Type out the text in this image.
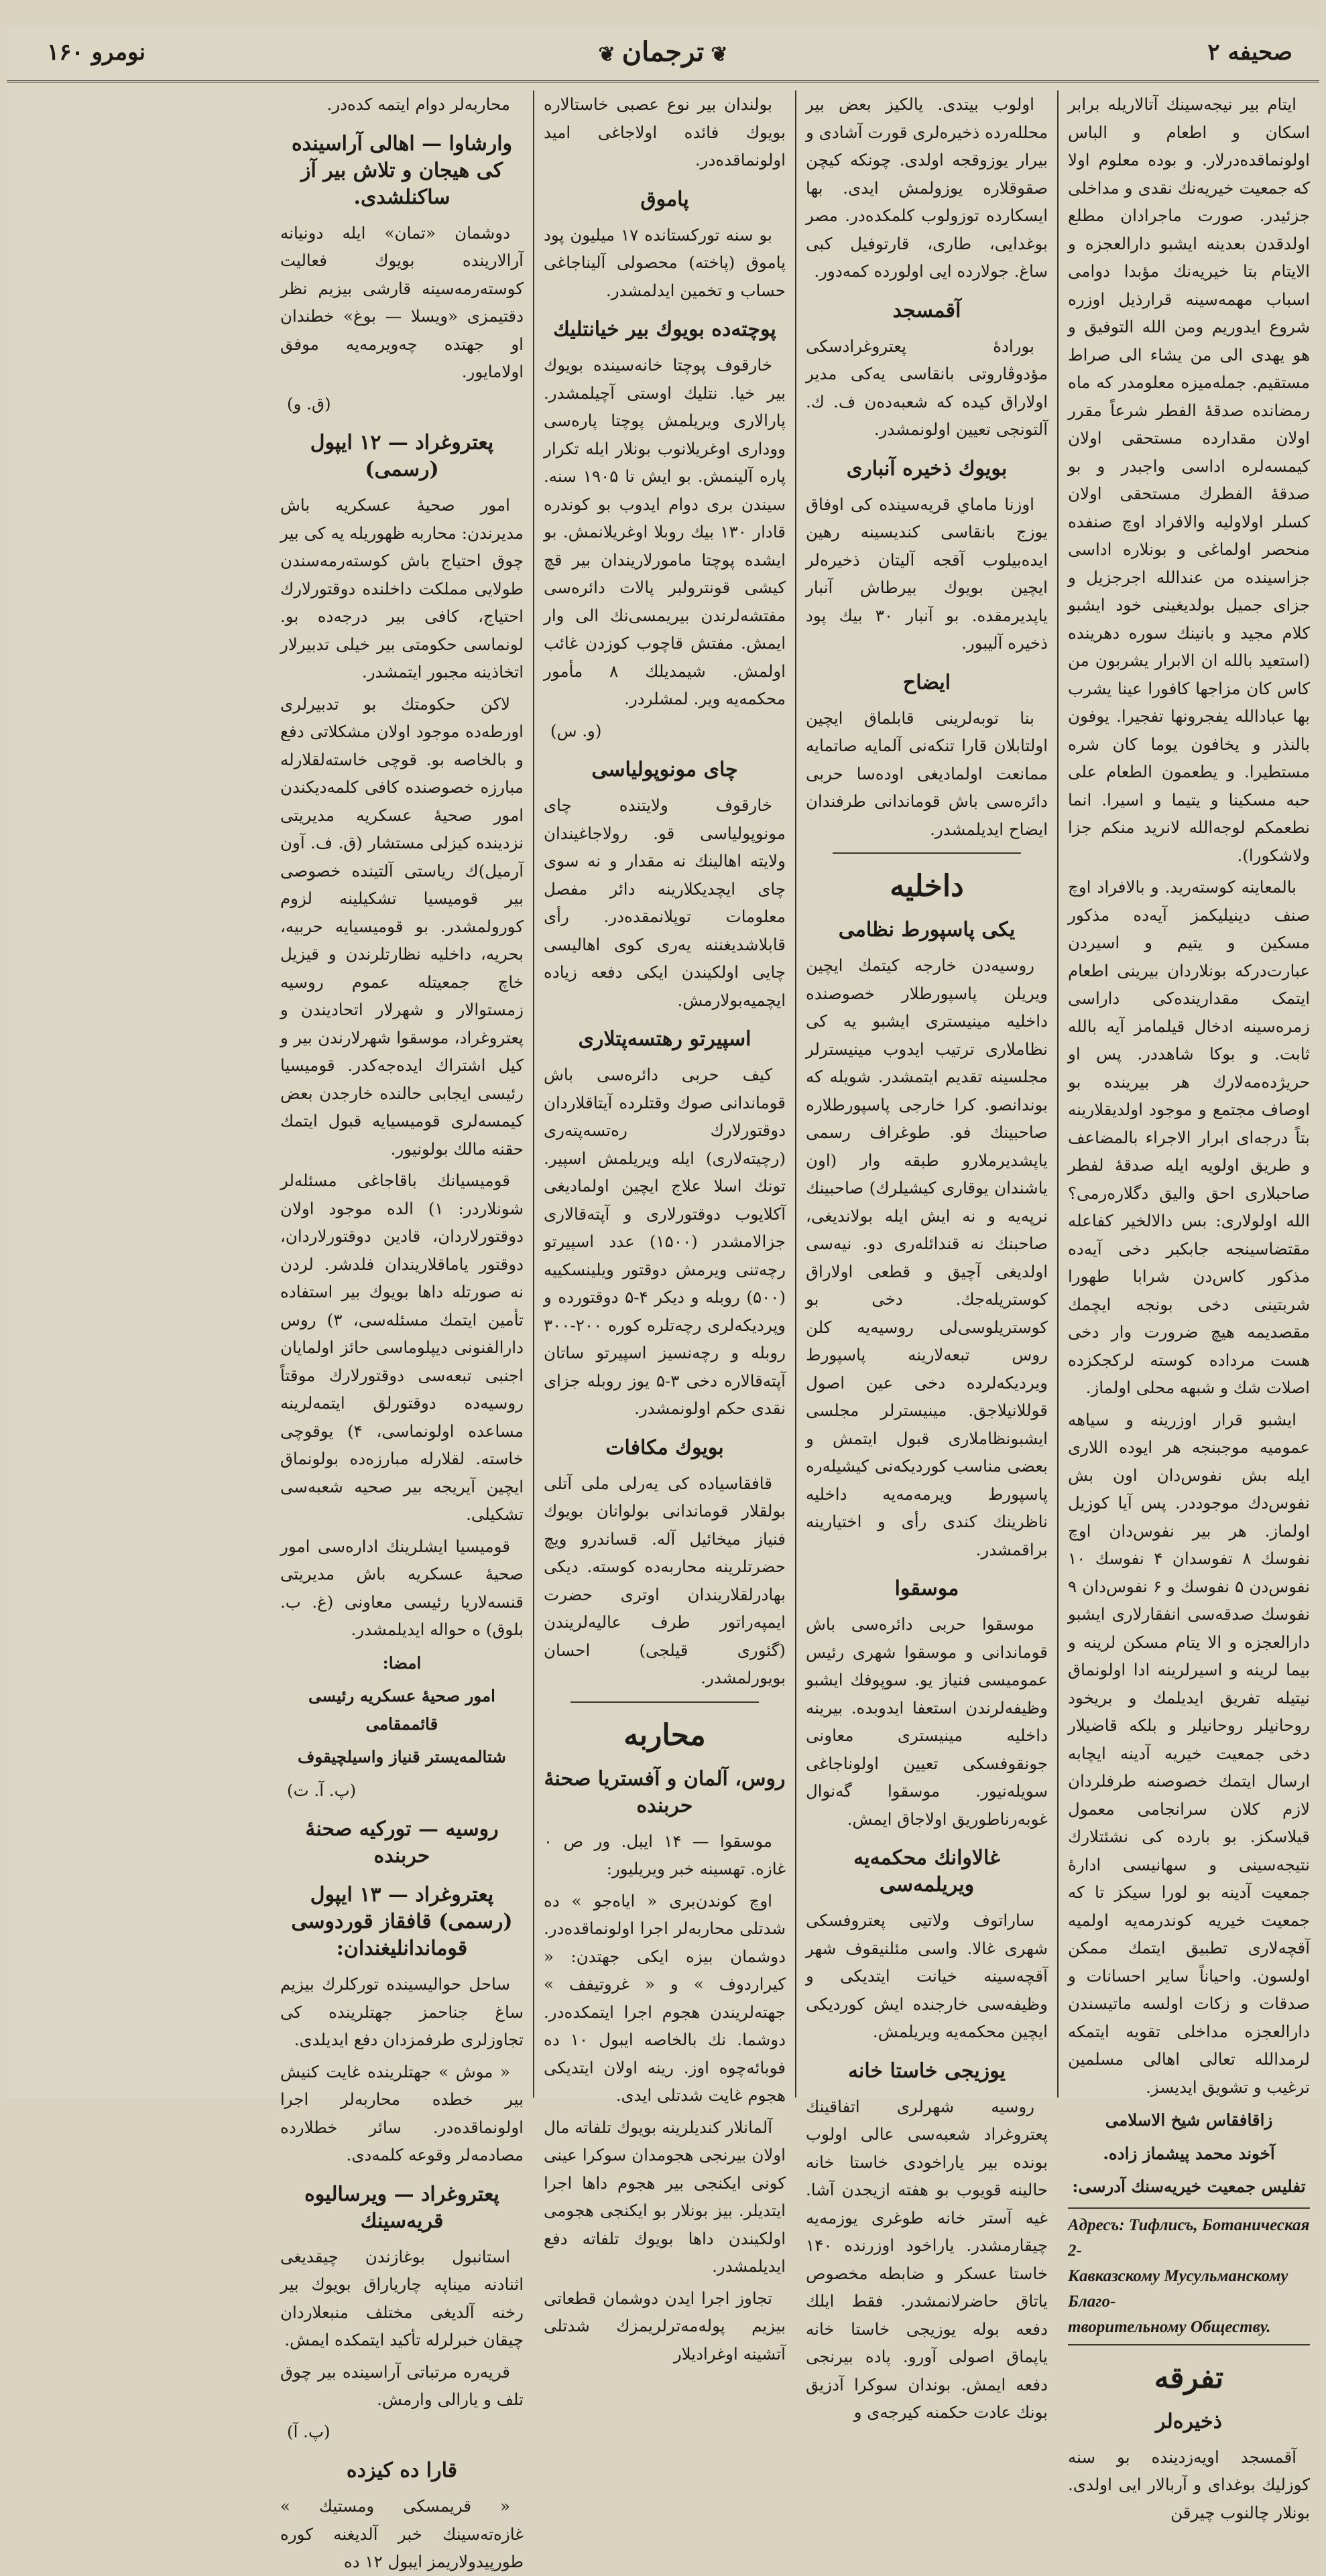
صحیفه ۲
❦ترجمان❦
نومرو ۱۶۰

ایتام بیر نیجه‌سینك آتالاریله برابر اسکان و اطعام و الباس اولونماقده‌درلار. و بوده معلوم اولا که جمعیت خیریه‌نك نقدی و مداخلی جزئیدر. صورت ماجرادان مطلع اولدقدن بعدینه ایشبو دارالعجزه و الایتام بتا خیریه‌نك مؤبدا دوامی اسباب مهمه‌سینه قرارذیل اوزره شروع ایدوریم ومن الله التوفیق و هو یهدی الی من یشاء الی صراط مستقیم. جمله‌میزه معلومدر که ماه رمضانده صدقهٔ الفطر شرعاً مقرر اولان مقدارده مستحقی اولان کیمسه‌لره اداسی واجبدر و بو صدقهٔ الفطرك مستحقی اولان کسلر اولاولیه والافراد اوچ صنفده منحصر اولماغی و بونلاره ادا‌سی جزاسینده من عندالله اجرجزیل و جزای جمیل بولدیغینی خود ایشبو کلام مجید و بانینك سوره دهرینده (استعید بالله ان الابرار یشربون من کاس کان مزاجها کافورا عینا یشرب بها عبادالله یفجرونها تفجیرا. یوفون بالنذر و یخافون یوما کان شره مستطیرا. و یطعمون الطعام علی حبه مسکینا و یتیما و اسیرا. انما نطعمکم لوجه‌الله لانرید منکم جزا ولاشکورا).

بالمعاینه کوسته‌رید. و بالافراد اوچ صنف دینیلیکمز آیه‌ده مذکور مسکین و یتیم و اسیردن عبارت‌درکه بونلاردان بیرینی اطعام ایتمک مقدارینده‌کی داراسی زمره‌سینه ادخال قیلمامز آیه‌ بالله ثابت. و بوکا شاهددر. پس او حریژده‌مه‌لارك هر بیرینده بو اوصاف مجتمع و موجود اولدیقلارینه بتاً درجه‌ای ابرار الاجراء بالمضاعف و طریق اولویه ایله صدقهٔ لفطر صاحبلاری احق والیق دگلاره‌رمی؟ الله اولولاری: بس دالالخیر کفاعله مقتضاسینجه جابکبر دخی آیه‌ده مذکور کاس‌دن شرابا طهورا شربتینی دخی بونجه ایچمك مقصدیمه هیچ ضرورت وار دخی هست مرداده کوسته لرکجکزده اصلات شك و شبهه محلی اولماز.

ایشبو قرار اوزرینه و سیاهه عمومیه موجبنجه هر ایوده اللاری ایله بش نفوس‌دان اون بش نفوس‌دك موجوددر. پس آیا کوزیل اولماز. هر بیر نفوس‌دان اوچ نفوسك ۸ تفوسدان ۴ نفوسك ۱۰ نفوس‌دن ۵ نفوسك و ۶ نفوس‌دان ۹ نفوسك صدقه‌سی انفقارلاری ایشبو دارالعجزه و الا یتام مسكن لرینه و بیما لرینه و اسیرلرینه ادا اولونماق نیتیله تفریق ایدیلمك و بریخود روحانیلر روحانیلر و بلکه قاضیلار دخی جمعیت خیریه آدینه ایچابه ارسال ایتمك خصوصنه طرفلردان لازم کلان سرانجامی معمول قیلاسکز. بو بارده کی نشئتلارك نتیجه‌سینی و سهانیسی ادارهٔ جمعیت آدینه بو لورا سیکز تا که جمعیت خیریه کوندرمه‌یه اولمیه آقچه‌لاری تطبیق ایتمك ممکن اولسون. واحیاناً سایر احسانات و صدقات و زکات اولسه ماتیسندن دارالعجزه مداخلی تقویه ایتمکه لرمدالله تعالی اهالی مسلمین ترغیب و تشویق ایدیسز.

زاقافقاس شیخ الاسلامی
آخوند محمد پیشماز زاده.
تفلیس جمعیت خیریه‌سنك آدرسی:
Адресъ: Тифлисъ, Ботаническая 2-
Кавказскому Мусульманскому Благо-
творительному Обществу.
تفرقه
ذخیره‌لر

آقمسجد اویه‌زدینده بو سنه کوزلیك بوغدای و آربالار ایی اولدی. بونلار چالنوب چیرقن

اولوب بیتدی. یالکیز بعض بیر محلله‌رده ذخیره‌لری قورت آشادی و بیرار یوزوقجه اولدی. چونکه کیچن صقوقلاره یوزولمش ایدی. بها ایسکارده توزولوب کلمکده‌در. مصر بوغدایی، طاری، قارتوفیل کبی ساغ. جولارده ایی اولورده کمه‌دور.

آقمسجد

بورادهٔ پعتروغرادسکی مؤدوڤاروتی بانقاسی یه‌کی مدیر اولاراق کیده که شعبه‌ده‌ن ف. ك. آلتونجی تعیین اولونمشدر.

بویوك ذخیره آنباری

اوزنا ماماي قریه‌سینده کی اوفاق یوزج بانقاسی کندیسینه رهین ایده‌بیلوب آقجه آلیتان ذخیره‌لر ایچین بویوك بیرطاش آنبار یاپدیرمقده. بو آنبار ۳۰ بیك پود ذخیره آلیبور.

ایضاح

بنا توبه‌لرینی قابلماق ایچین اولتابلان قارا تنکه‌نی آلمایه صاتمایه ممانعت اولمادیغی اوده‌سا حربی دائره‌سی باش قوماندانی طرفندان ایضاح ایدیلمشدر.

داخلیه
یکی پاسپورط نظامی

روسیه‌دن خارجه کیتمك ایچین ویریلن پاسپورطلار خصوصنده داخلیه مینیستری ایشبو یه کی نظاملاری ترتیب ایدوب مینیستر‌لر مجلسینه تقدیم ایتمشدر. شویله که بوندانصو. کرا خارجی پاسپورطلاره صاحبینك فو. طوغراف رسمی یاپشدیرملارو طبقه وار (اون یاشندان یوقاری کیشیلرك) صاحبینك نرپه‌یه و نه ایش ایله بولاندیغی، صاحبنك نه قندائله‌ری دو. نیه‌سی اولدیغی آچیق و قطعی اولاراق کوستریله‌جك. دخی بو کوستریلوسی‌لی روسیه‌یه کلن روس تبعه‌لارینه پاسپورط ویردیکه‌لرده دخی عین اصول قوللانیلاجق. مینیستر‌لر مجلسی ایشبونظاملاری قبول ایتمش و بعضی مناسب کوردیکه‌نی کیشیله‌ره پاسپورط ویرمه‌مه‌یه داخلیه ناظرینك کندی رأی و اختیارینه براقمشدر.

موسقوا

موسقوا حربی دائره‌سی باش قوماندانی و موسقوا شهری رئیس عمومیسی فنیاز یو. سوپوفك ایشبو وظیفه‌لرندن استعفا ایدوبده. بیرینه داخلیه مینیستری معاونی جونقوفسکی تعیین اولوناجاغی سویله‌نیور. موسقوا گه‌نوال غوبه‌رناطوریق اولاجاق ایمش.

غالاوانك محکمه‌یه ویریلمه‌سی

ساراتوف ولاتیی پعتروفسکی شهری غالا. واسی مئلنیقوف شهر آقچه‌سینه خیانت ایتدیکی و وظیفه‌سی خارجنده ایش کوردیکی ایچین محکمه‌یه ویریلمش.

یوزیجی خاستا خانه

روسیه شهرلری اتفاقینك پعتروغراد شعبه‌سی عالی اولوب بونده بیر یاراخودی خاستا خانه حالینه قویوب بو هفته ازیجدن آشا. غیه آستر خانه طوغری یوزمه‌یه چیقارمشدر. یاراخود اوزرنده ۱۴۰ خاستا عسکر و ضابطه مخصوص یاتاق حاضرلانمشدر. فقط ایلك دفعه بوله یوزیجی خاستا خانه یاپماق اصولی آورو. پاده بیرنجی دفعه ایمش. بوندان سوکرا آدزیق بونك عادت حکمنه کیرجه‌ی و

بولندان بیر نوع عصبی خاستالاره بویوك فائده اولاجاغی امید اولونماقده‌در.

پاموق

بو سنه تورکستانده ۱۷ میلیون پود پاموق (پاخته) محصولی آلیناجاغی حساب و تخمین ایدلمشدر.

پوچته‌ده بویوك بیر خیانتلیك

خارقوف پوچتا خانه‌سینده بویوك بیر خیا. نتلیك اوستی آچیلمشدر. پارالاری ویریلمش پوچتا پاره‌سی ووداری اوغریلانوب بونلار ایله تکرار پاره آلینمش. بو ایش تا ۱۹۰۵ سنه. سیندن بری دوام ایدوب بو کوندره قادار ۱۳۰ بیك روبلا اوغریلانمش. بو ایشده پوچتا مامورلاریندان بیر قچ کیشی قونترولبر پالات دائره‌سی مفتشه‌لرندن بیریمسی‌نك الی وار ایمش. مفتش قاچوب کوزدن غائب اولمش. شیمدیلك ۸ مأمور محکمه‌یه ویر. لمشلردر.

(و. س)
چای مونوپولیاسی

خارقوف ولایتنده چای مونوپولیاسی قو. رولاجاغیندان ولایته اهالینك نه مقدار و نه سوی چای ایچدیکلارینه دائر مفصل معلومات توپلانمقده‌در. رأی قابلاشدیغننه یه‌ری کوی اهالیسی چایی اولکیندن ایکی دفعه زیاده ایچمیه‌بولارمش.

اسپیرتو رهتسه‌پتلاری

کیف حربی دائره‌سی باش قوماندانی صوك وقتلرده آیتاقلاردان دوقتورلارك ره‌تسه‌پته‌ری (رچیته‌لاری) ایله ویریلمش اسپیر. تونك اسلا علاج ایچین اولمادیغی آکلایوب دوقتورلاری و آپته‌قالاری جزالامشدر (۱۵۰۰) عدد اسپیرتو رچه‌تنی ویرمش دوقتور ویلینسکییه (۵۰۰) روبله و دیکر ۴-۵ دوقتورده و وپردیکه‌لری رچه‌تلره کوره ۲۰۰-۳۰۰ روبله و رچه‌نسیز اسپیرتو ساتان آپته‌قالاره دخی ۳-۵ یوز روبله جزای نقدی حکم اولونمشدر.

بویوك مکافات

قافقاسیاده کی یه‌رلی ملی آتلی بولقلار قوماندانی بولوانان بویوك فنیاز میخائیل آله. قساندرو ویچ حضرتلرینه محاربه‌ده کوسته. دیکی بهادرلقلاریندان اوتری حضرت ایمپه‌راتور طرف عالیه‌لریندن (گئوری قیلجی) احسان بویورلمشدر.

محاربه
روس، آلمان و آفستریا صحنهٔ حربنده

موسقوا — ۱۴ ایبل. ور ص ۰ غازه. تهسینه خبر ویریلیور:

اوچ کوندن‌بری « ایاه‌جو » ده شدتلی محاربه‌لر اجرا اولونماقده‌در. دوشمان بیزه ایکی جهتدن: « کیراردوف » و « غروتیفف » جهته‌لریندن هجوم اجرا ایتمکده‌در. دوشما. نك بالخاصه ایبول ۱۰ ده فوبا‌ئه‌چوه اوز. رینه اولان ایتدیکی هجوم غایت شدتلی ایدی.

آلمانلار کندیلرینه بویوك تلفاته مال اولان بیرنجی هجومدان سوکرا عینی کونی ایکنجی بیر هجوم داها اجرا ایتدیلر. بیز بونلار بو ایکنجی هجومی اولکیندن داها بویوك تلفاته دفع ایدیلمشدر.

تجاوز اجرا ایدن دوشمان قطعاتی بیزیم پوله‌مه‌ترلریمزك شدتلی آتشینه اوغرادیلار

محاربه‌لر دوام ایتمه کده‌در.

وارشاوا — اهالی آراسینده کی هیجان و تلاش بیر آز ساکنلشدی.

دوشمان «تمان» ایله دونیانه آرالارینده بویوك فعالیت کوسته‌رمه‌سینه قارشی بیزیم نظر دقتیمزی «ویسلا — بوغ» خطندان او جهتده چه‌ویرمه‌یه موفق اولامایور.

(ق. و)
پعتروغراد — ۱۲ ایپول (رسمی)

امور صحیهٔ عسکریه باش مدیرندن: محاربه ظهوریله یه کی بیر چوق احتیاج باش کوسته‌رمه‌سندن طولایی مملکت داخلنده دوقتورلارك احتیاج، کافی بیر درجه‌ده بو. لونماسی حکومتی بیر خیلی تدبیرلار اتخاذینه مجبور ایتمشدر.

لاکن حکومتك بو تدبیرلری اورطه‌ده موجود اولان مشکلاتی دفع و بالخاصه بو. قوچی خاسته‌لقلارله مبارزه خصوصنده کافی کلمه‌دیکندن امور صحیهٔ عسکریه مدیریتی نزدینده کیزلی مستشار (ق. ف. آون آرمیل)ك ریاستی آلتینده خصوصی بیر قومیسیا تشکیلینه لزوم کورولمشدر. بو قومیسیایه حربیه، بحریه، داخلیه نظارتلرندن و قیزیل خاچ جمعیتله عموم روسیه زمستوالار و شهرلار اتحادیندن و پعتروغراد، موسقوا شهرلارندن بیر و کیل اشتراك ایده‌جه‌کدر. قومیسیا رئیسی ایجابی حالنده خارجدن بعض کیمسه‌لری قومیسیایه قبول ایتمك حقنه مالك بولونیور.

قومیسیانك باقاجاغی مسئله‌لر شونلاردر: ۱) الده موجود اولان دوقتورلاردان، قادین دوقتورلاردان، دوقتور یاماقلاریندان فلدشر. لردن نه صورتله داها بویوك بیر استفاده تأمین ایتمك مسئله‌سی، ۳) روس دارالفنونی دیپلوماسی حائز اولمایان اجنبی تبعه‌سی دوقتورلارك موقتاً روسیه‌ده دوقتورلق ایتمه‌لرینه مساعده اولونماسی، ۴) یوقوچی خاسته. لقلارله مبارزه‌ده بولونماق ایچین آیریجه بیر صحیه شعبه‌سی تشکیلی.

قومیسیا ایشلرینك اداره‌سی امور صحیهٔ عسکریه باش مدیریتی قنسه‌لاریا رئیسی معاونی (غ. ب. بلوق) ه حواله ایدیلمشدر.

امضا:
امور صحیهٔ عسکریه رئیسی قائممقامی
شتالمه‌یستر قنیاز واسیلچیقوف
(پ. آ. ت)
روسیه — تورکیه صحنهٔ حربنده
پعتروغراد — ۱۳ ایپول (رسمی) قافقاز قوردوسی قوماندانلیغندان:

ساحل حوالیسینده تورکلرك بیزیم ساغ جناحمز جهتلرینده کی تجاوزلری طرفمزدان دفع ایدیلدی.

« موش » جهتلرینده غایت کنیش بیر خطده محاربه‌لر اجرا اولونماقده‌در. سائر خطلارده مصادمه‌لر وقوعه کلمه‌دی.

پعتروغراد — ویرسالیوه قریه‌سینك

استانبول بوغازندن چیقدیغی اثنادنه میناپه چاریاراق بویوك بیر رخنه آلدیغی مختلف منبعلاردان چیقان خبرلرله تأکید ایتمکده ایمش.

قریه‌ره مرتباتی آراسینده بیر چوق تلف و یارالی وارمش.

(پ. آ)
قارا ده کیزده

« قریمسکی ومستیك » غازه‌ته‌سینك خبر آلدیغنه کوره طورپیدولاریمز ایبول ۱۲ ده
